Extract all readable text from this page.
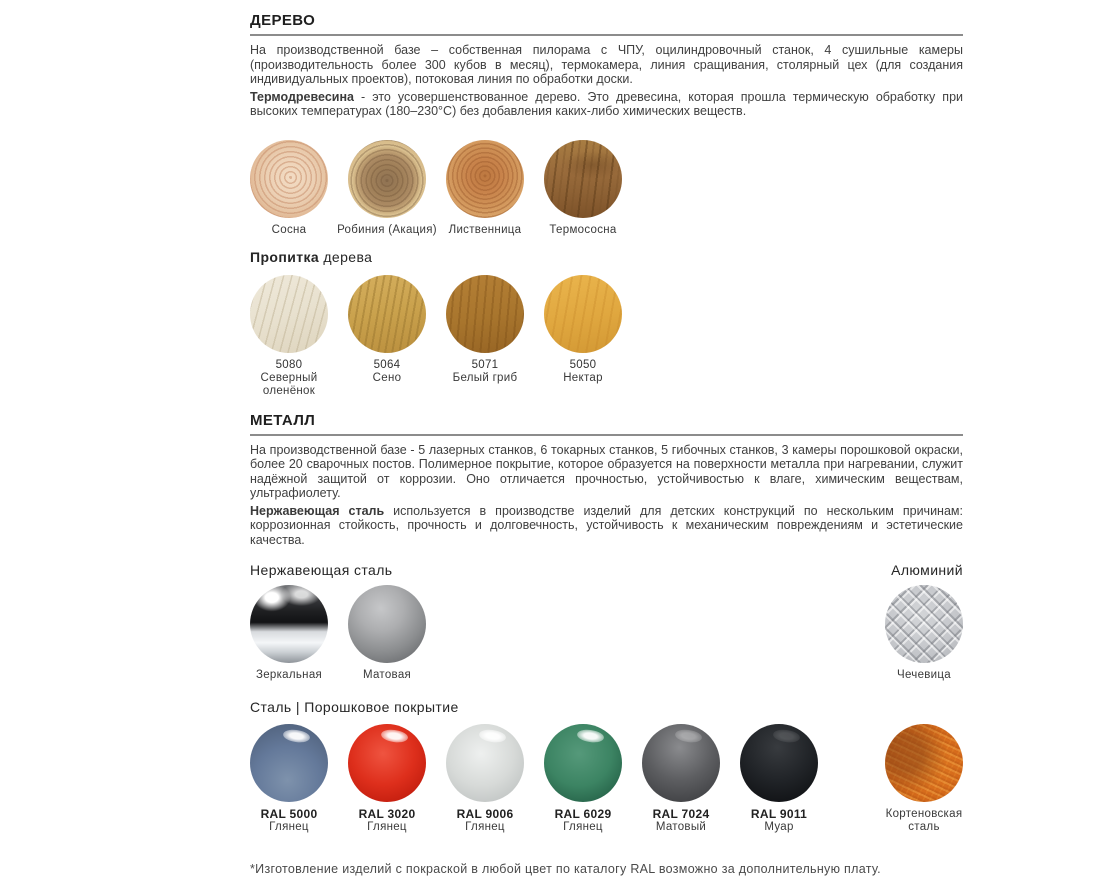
ДЕРЕВО

На производственной базе – собственная пилорама с ЧПУ, оцилиндровочный станок, 4 сушильные камеры (производительность более 300 кубов в месяц), термокамера, линия сращивания, столярный цех (для создания индивидуальных проектов), потоковая линия по обработки доски.

Термодревесина - это усовершенствованное дерево. Это древесина, которая прошла термическую обработку при высоких температурах (180–230°С) без добавления каких-либо химических веществ.

Сосна	Робиния (Акация) Лиственница Термососна
Пропитка дерева
5080
Северный оленёнок
5064
Сено
5071
Белый гриб
5050
Нектар
МЕТАЛЛ

На производственной базе - 5 лазерных станков, 6 токарных станков, 5 гибочных станков, 3 камеры порошковой окраски, более 20 сварочных постов. Полимерное покрытие, которое образуется на поверхности металла при нагревании, служит надёжной защитой от коррозии. Оно отличается прочностью, устойчивостью к влаге, химическим веществам, ультрафиолету.

Нержавеющая сталь используется в производстве изделий для детских конструкций по нескольким причинам: коррозионная стойкость, прочность и долговечность, устойчивость к механическим повреждениям и эстетические качества.

Нержавеющая сталь	Алюминий
Зеркальная	Матовая	Чечевица
Сталь | Порошковое покрытие
RAL 5000
Глянец
RAL 3020
Глянец
RAL 9006
Глянец
RAL 6029
Глянец
RAL 7024
Матовый
RAL 9011
Муар
Кортеновская сталь
*Изготовление изделий с покраской в любой цвет по каталогу RAL возможно за дополнительную плату.
